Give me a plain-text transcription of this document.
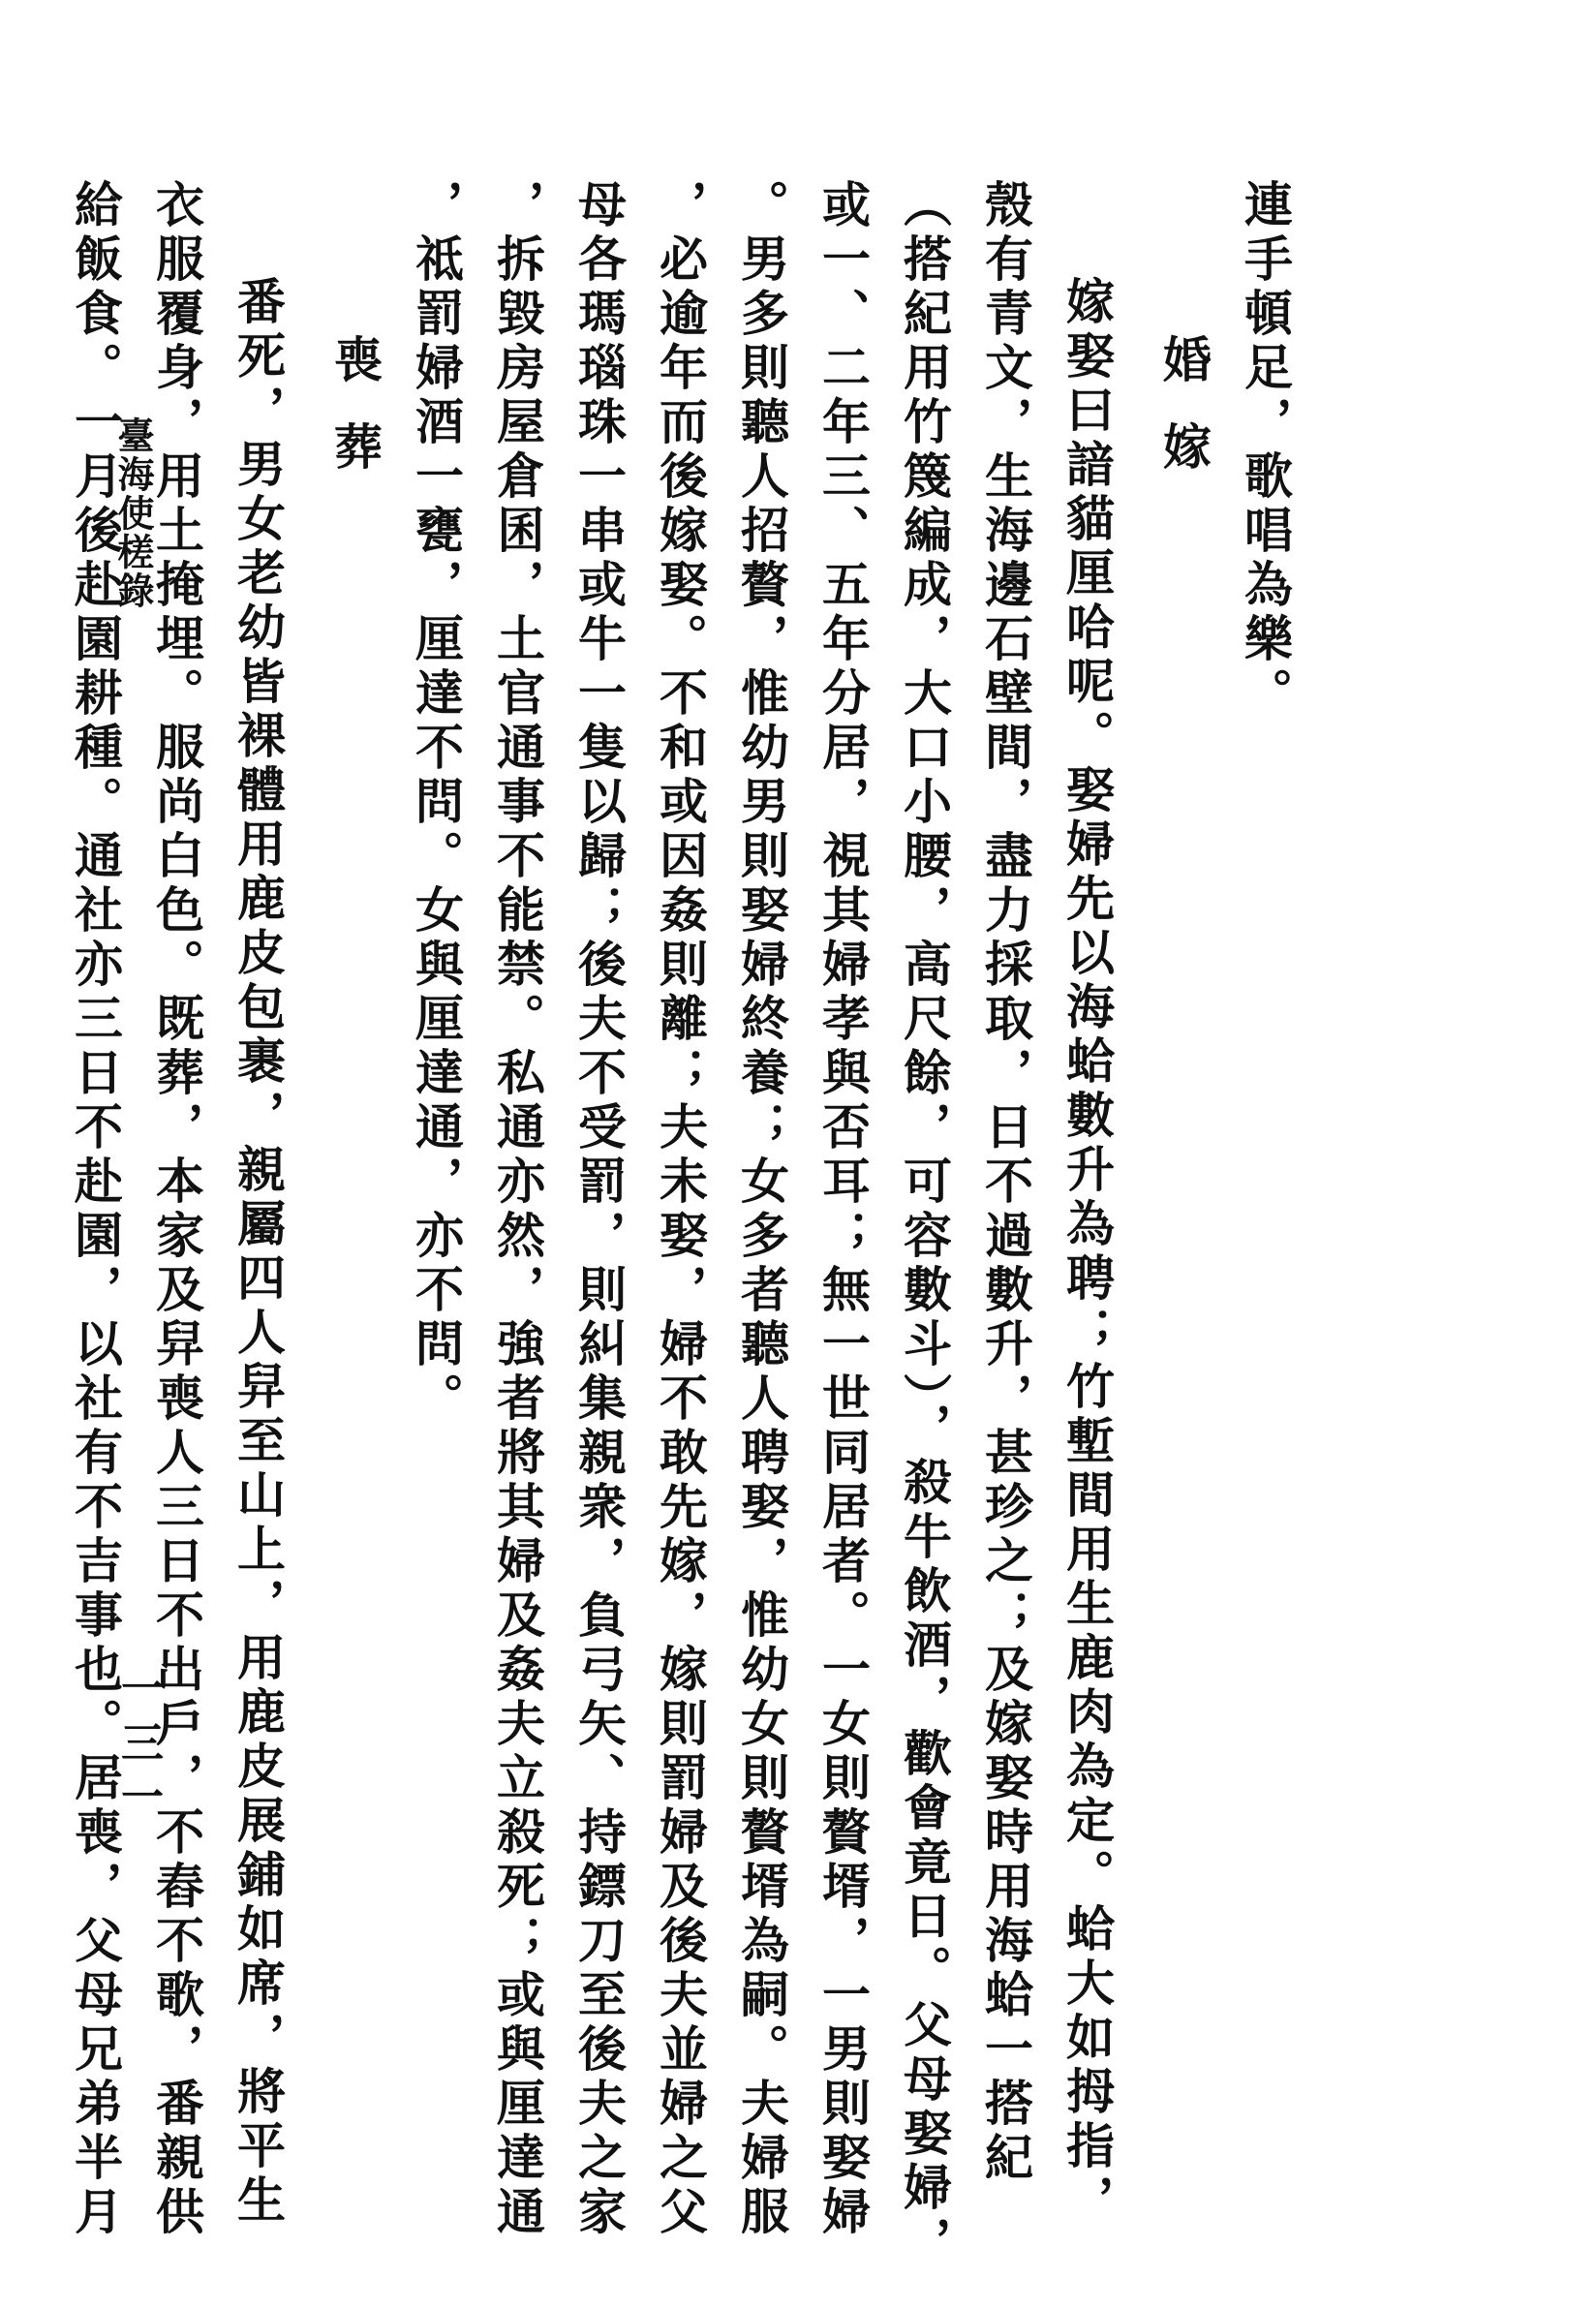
連手頓足，歌唱為樂。
婚嫁
嫁娶曰諳貓厘哈呢。娶婦先以海蛤數升為聘；竹塹間用生鹿肉為定。蛤大如拇指，
殼有青文，生海邊石壁間，盡力採取，日不過數升，甚珍之；及嫁娶時用海蛤一搭紀
（搭紀用竹篾編成，大口小腰，高尺餘，可容數斗），殺牛飲酒，歡會竟日。父母娶婦，
或一、二年三、五年分居，視其婦孝與否耳；無一世同居者。一女則贅壻，一男則娶婦
。男多則聽人招贅，惟幼男則娶婦終養；女多者聽人聘娶，惟幼女則贅壻為嗣。夫婦服
，必逾年而後嫁娶。不和或因姦則離；夫未娶，婦不敢先嫁，嫁則罰婦及後夫並婦之父
母各瑪瑙珠一串或牛一隻以歸；後夫不受罰，則糾集親衆，負弓矢、持鏢刀至後夫之家
，拆毀房屋倉囷，土官通事不能禁。私通亦然，強者將其婦及姦夫立殺死；或與厘達通
，祗罰婦酒一甕，厘達不問。女與厘達通，亦不問。
喪葬
番死，男女老幼皆裸體用鹿皮包裹，親屬四人舁至山上，用鹿皮展鋪如席，將平生
衣服覆身，用土掩埋。服尚白色。既葬，本家及舁喪人三日不出戶，不舂不歌，番親供
給飯食。一月後赴園耕種。通社亦三日不赴園，以社有不吉事也。居喪，父母兄弟半月
臺海使槎錄
一三一
